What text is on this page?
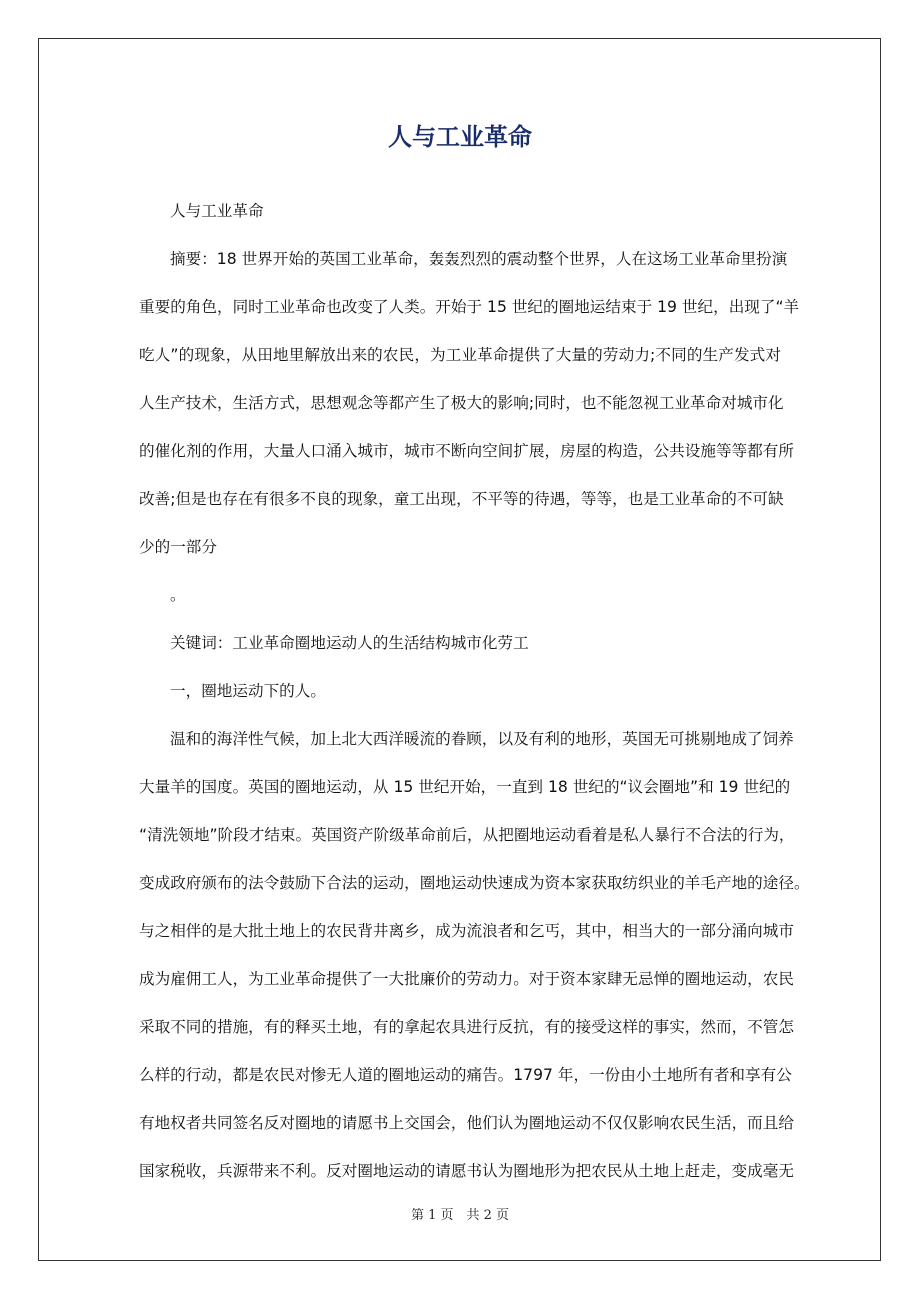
人与工业革命
人与工业革命
摘要：18 世界开始的英国工业革命，轰轰烈烈的震动整个世界，人在这场工业革命里扮演
重要的角色，同时工业革命也改变了人类。开始于 15 世纪的圈地运结束于 19 世纪，出现了“羊
吃人”的现象，从田地里解放出来的农民，为工业革命提供了大量的劳动力;不同的生产发式对
人生产技术，生活方式，思想观念等都产生了极大的影响;同时，也不能忽视工业革命对城市化
的催化剂的作用，大量人口涌入城市，城市不断向空间扩展，房屋的构造，公共设施等等都有所
改善;但是也存在有很多不良的现象，童工出现，不平等的待遇，等等，也是工业革命的不可缺
少的一部分
。
关键词：工业革命圈地运动人的生活结构城市化劳工
一，圈地运动下的人。
温和的海洋性气候，加上北大西洋暖流的眷顾，以及有利的地形，英国无可挑剔地成了饲养
大量羊的国度。英国的圈地运动，从 15 世纪开始，一直到 18 世纪的“议会圈地”和 19 世纪的
“清洗领地”阶段才结束。英国资产阶级革命前后，从把圈地运动看着是私人暴行不合法的行为，
变成政府颁布的法令鼓励下合法的运动，圈地运动快速成为资本家获取纺织业的羊毛产地的途径。
与之相伴的是大批土地上的农民背井离乡，成为流浪者和乞丐，其中，相当大的一部分涌向城市
成为雇佣工人，为工业革命提供了一大批廉价的劳动力。对于资本家肆无忌惮的圈地运动，农民
采取不同的措施，有的释买土地，有的拿起农具进行反抗，有的接受这样的事实，然而，不管怎
么样的行动，都是农民对惨无人道的圈地运动的痛告。1797 年，一份由小土地所有者和享有公
有地权者共同签名反对圈地的请愿书上交国会，他们认为圈地运动不仅仅影响农民生活，而且给
国家税收，兵源带来不利。反对圈地运动的请愿书认为圈地形为把农民从土地上赶走，变成毫无
第 1 页　共 2 页
